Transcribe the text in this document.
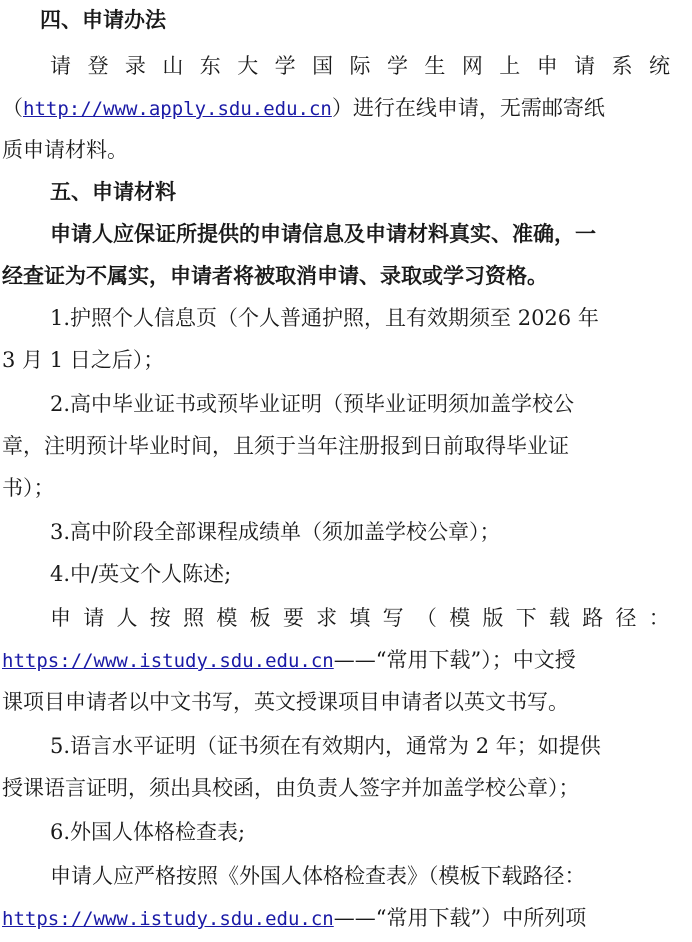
四、申请办法
请 登 录 山 东 大 学 国 际 学 生 网 上 申 请 系 统
（http://www.apply.sdu.edu.cn）进行在线申请，无需邮寄纸
质申请材料。
五、申请材料
申请人应保证所提供的申请信息及申请材料真实、准确，一
经查证为不属实，申请者将被取消申请、录取或学习资格。
1.护照个人信息页（个人普通护照，且有效期须至 2026 年
3 月 1 日之后）；
2.高中毕业证书或预毕业证明（预毕业证明须加盖学校公
章，注明预计毕业时间，且须于当年注册报到日前取得毕业证
书）；
3.高中阶段全部课程成绩单（须加盖学校公章）；
4.中/英文个人陈述;
申 请 人 按 照 模 板 要 求 填 写 （ 模 版 下 载 路 径 ：
https://www.istudy.sdu.edu.cn——“常用下载”）；中文授
课项目申请者以中文书写，英文授课项目申请者以英文书写。
5.语言水平证明（证书须在有效期内，通常为 2 年；如提供
授课语言证明，须出具校函，由负责人签字并加盖学校公章）；
6.外国人体格检查表;
申请人应严格按照《外国人体格检查表》（模板下载路径：
https://www.istudy.sdu.edu.cn——“常用下载”）中所列项
